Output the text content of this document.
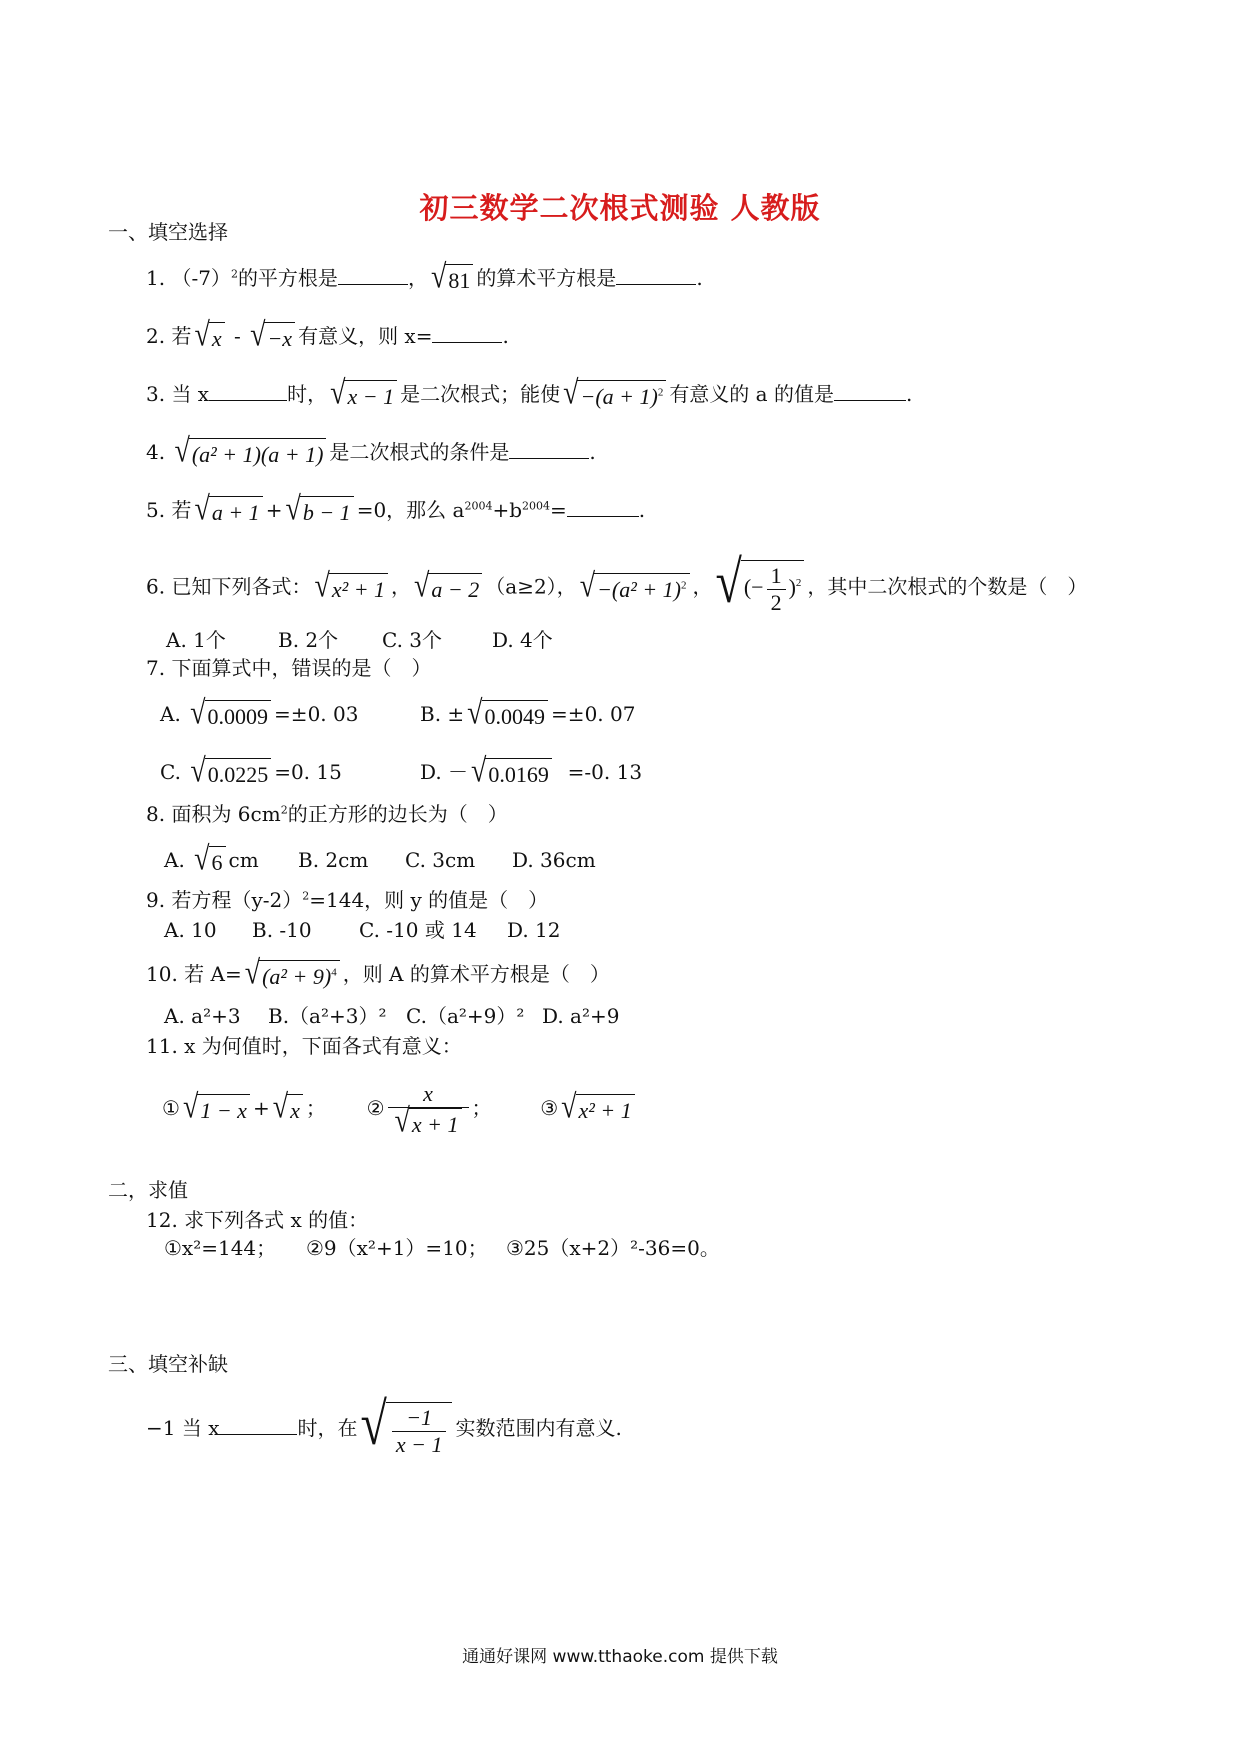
初三数学二次根式测验 人教版
一、填空选择
1. $(-7)^2$的平方根是	， √ 81 的算术平方根是	.
2. 若 √ x - √ −x 有意义，则 x=	.
3. 当 x	时， √ x − 1 是二次根式；能使 √ $-(a + 1)^2$ 有意义的 a 的值是	.
4. √ (a² + 1)(a + 1) 是二次根式的条件是	.
5. 若 √ a + 1 + √ b − 1 =0，那么 $a^{2004}+b^{2004}=$	.
6. 已知下列各式： √ x² + 1 ， √ a − 2 （a≥2）， √ $-(a^2 + 1)^2$ ， √ (− $\frac{1}{2} )^2$ ，其中二次根式的个数是（　）
A. 1个	B. 2个 C. 3个 D. 4个
7. 下面算式中，错误的是（　）
A. √ 0.0009 =±0. 03	B. ± √ 0.0049 =±0. 07
C. √ 0.0225 =0. 15	D. － √ 0.0169 =-0. 13
8. 面积为 $6cm^2$的正方形的边长为（　）
A. √ 6 cm B. 2cm C. 3cm D. 36cm
9. 若方程$(y-2)^2=144$，则 y 的值是（　）
A. 10 B. -10 C. -10 或 14 D. 12
10. 若 A= √ $(a^2 + 9)^4$ ，则 A 的算术平方根是（　）
A. a²+3 B.（a²+3）² C.（a²+9）² D. a²+9
11. x 为何值时，下面各式有意义：
① √ 1 − x + √ x ； ② $\frac{x}{√ x + 1}$ ； ③ √ x² + 1
二，求值
12. 求下列各式 x 的值：
①x²=144； ②9（x²+1）=10； ③25（x+2）²-36=0。
三、填空补缺
−1 当 x	时，在 √ $\frac{-1}{x - 1}$ 实数范围内有意义.
通通好课网 www.tthaoke.com 提供下载
